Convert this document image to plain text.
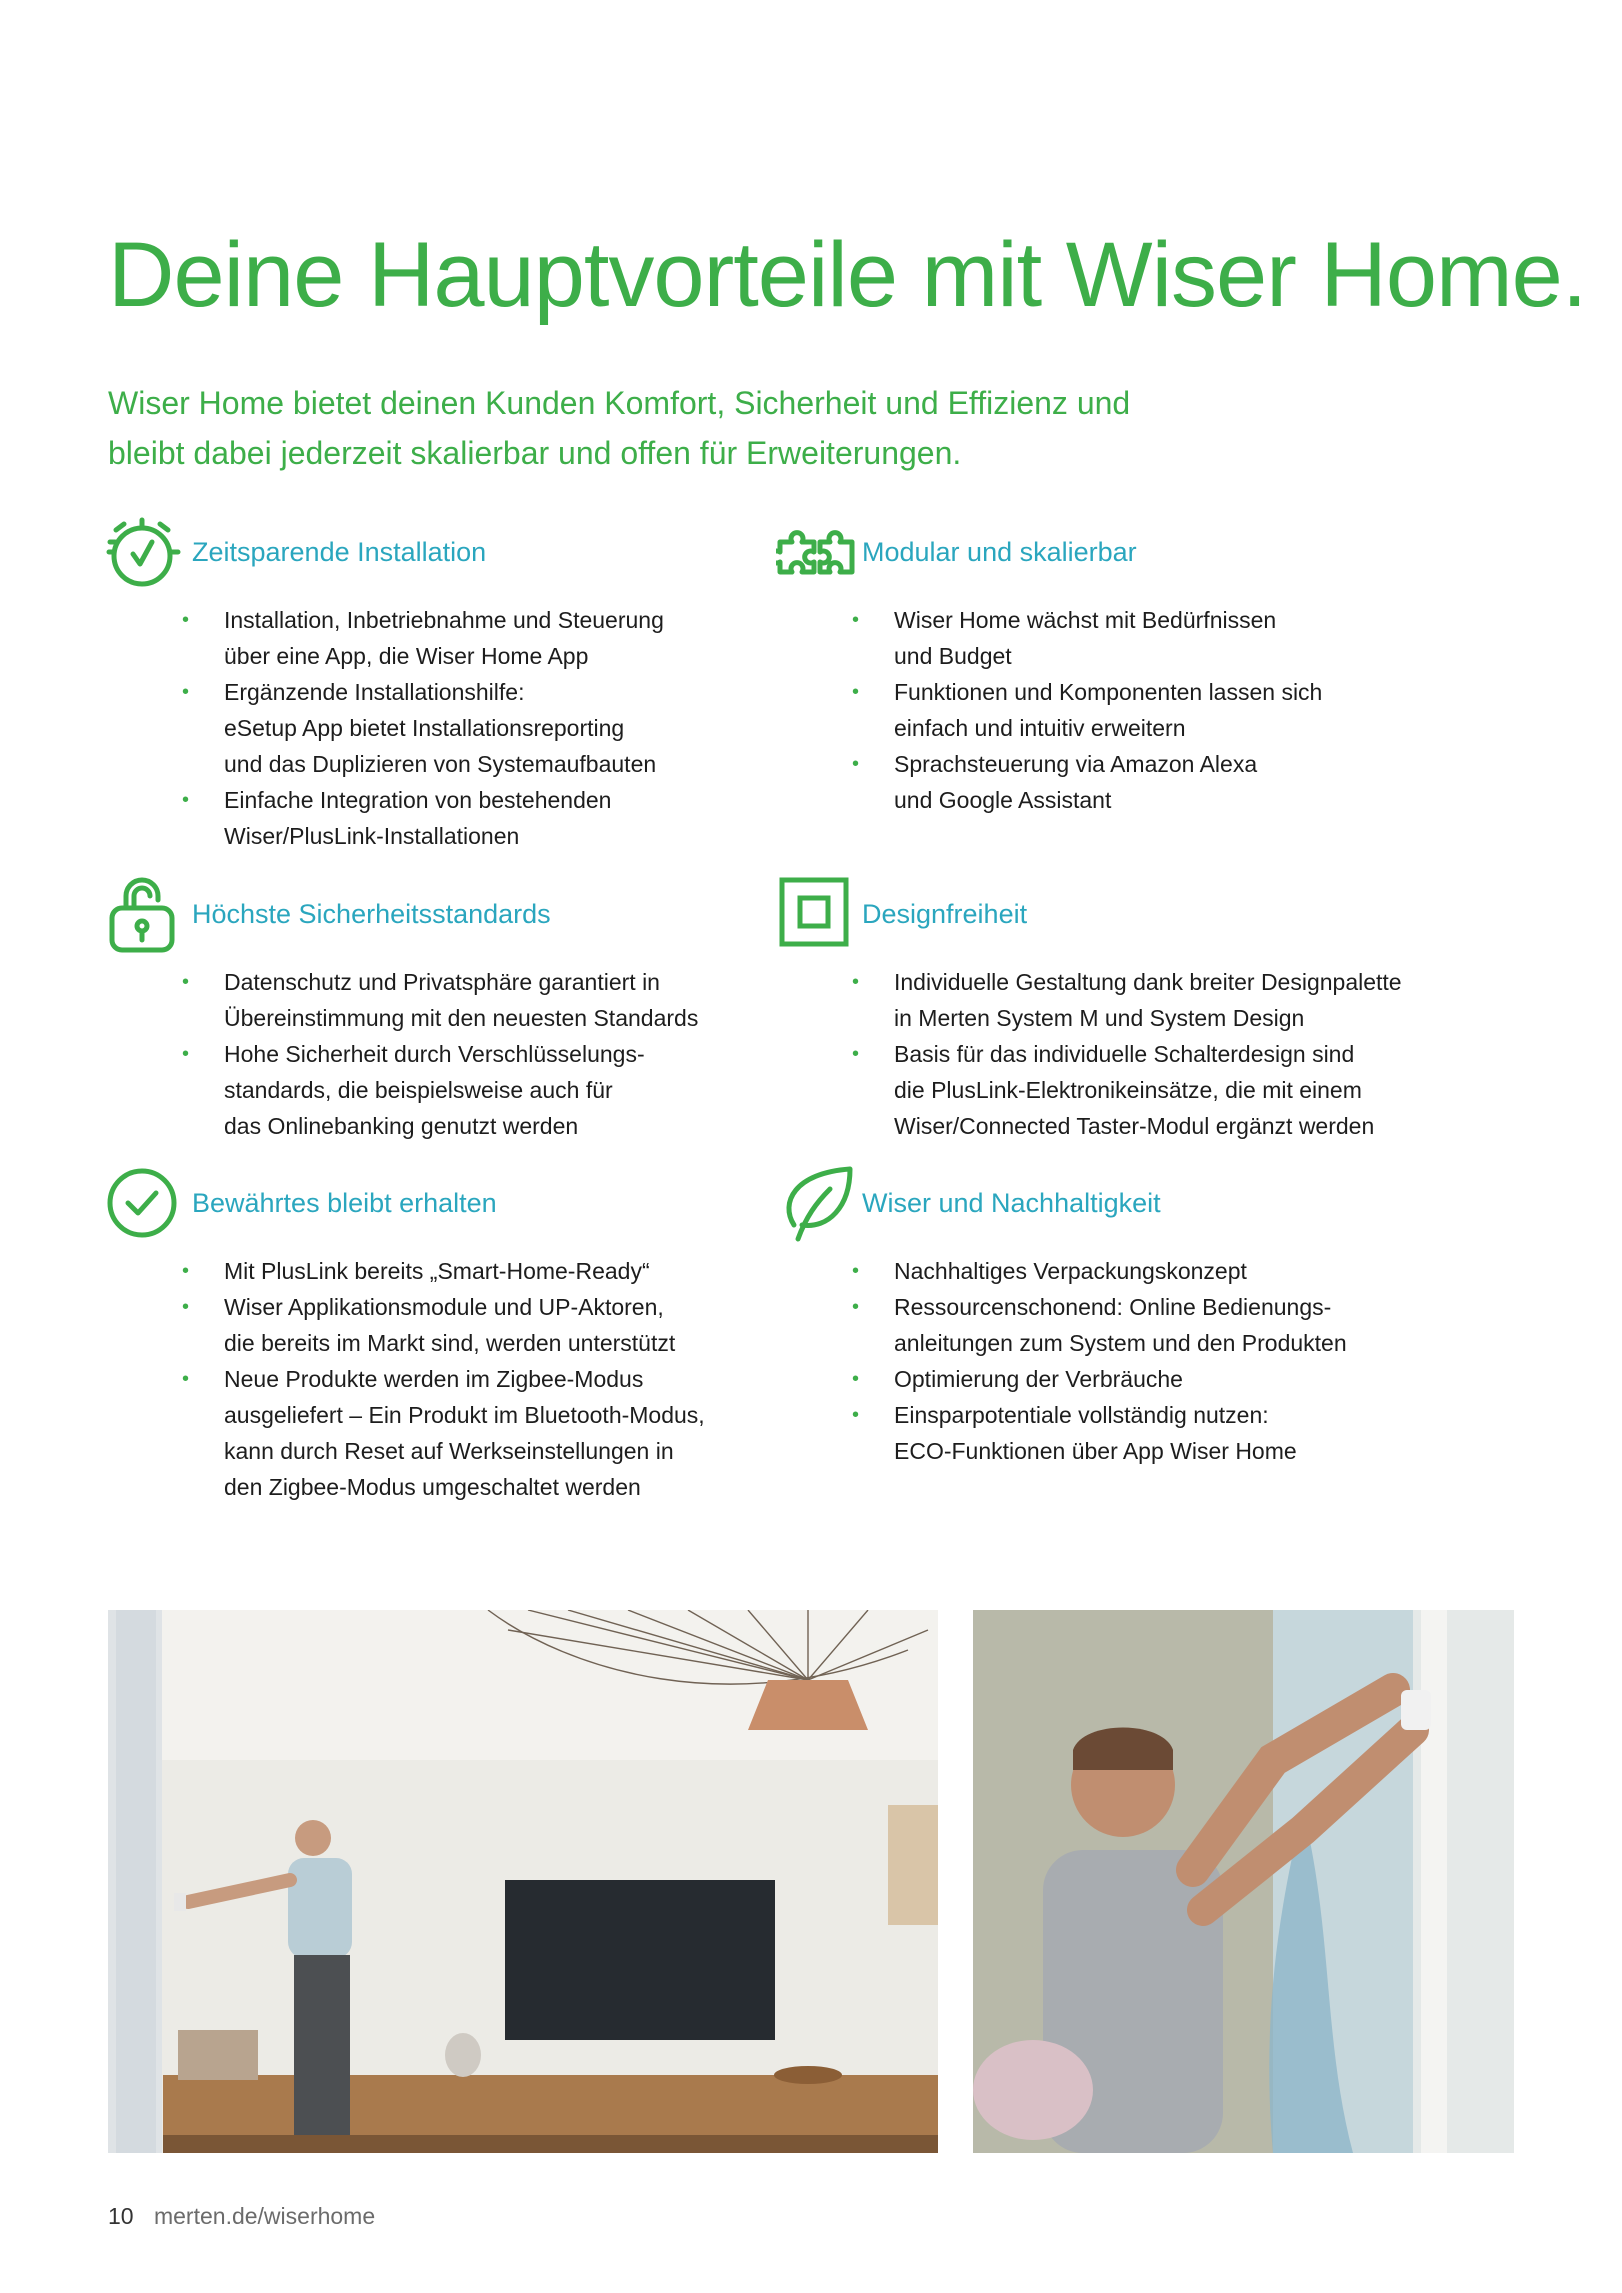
Deine Hauptvorteile mit Wiser Home.

Wiser Home bietet deinen Kunden Komfort, Sicherheit und Effizienz und
bleibt dabei jederzeit skalierbar und offen für Erweiterungen.

Zeitsparende Installation
• Installation, Inbetriebnahme und Steuerung
über eine App, die Wiser Home App
• Ergänzende Installationshilfe:
eSetup App bietet Installationsreporting
und das Duplizieren von Systemaufbauten
• Einfache Integration von bestehenden
Wiser/PlusLink-Installationen
Modular und skalierbar
• Wiser Home wächst mit Bedürfnissen
und Budget
• Funktionen und Komponenten lassen sich
einfach und intuitiv erweitern
• Sprachsteuerung via Amazon Alexa
und Google Assistant
Höchste Sicherheitsstandards
• Datenschutz und Privatsphäre garantiert in
Übereinstimmung mit den neuesten Standards
• Hohe Sicherheit durch Verschlüsselungs-
standards, die beispielsweise auch für
das Onlinebanking genutzt werden
Designfreiheit
• Individuelle Gestaltung dank breiter Designpalette
in Merten System M und System Design
• Basis für das individuelle Schalterdesign sind
die PlusLink-Elektronikeinsätze, die mit einem
Wiser/Connected Taster-Modul ergänzt werden
Bewährtes bleibt erhalten
• Mit PlusLink bereits „Smart-Home-Ready“
• Wiser Applikationsmodule und UP-Aktoren,
die bereits im Markt sind, werden unterstützt
• Neue Produkte werden im Zigbee-Modus
ausgeliefert – Ein Produkt im Bluetooth-Modus,
kann durch Reset auf Werkseinstellungen in
den Zigbee-Modus umgeschaltet werden
Wiser und Nachhaltigkeit
• Nachhaltiges Verpackungskonzept
• Ressourcenschonend: Online Bedienungs-
anleitungen zum System und den Produkten
• Optimierung der Verbräuche
• Einsparpotentiale vollständig nutzen:
ECO-Funktionen über App Wiser Home
10 merten.de/wiserhome
